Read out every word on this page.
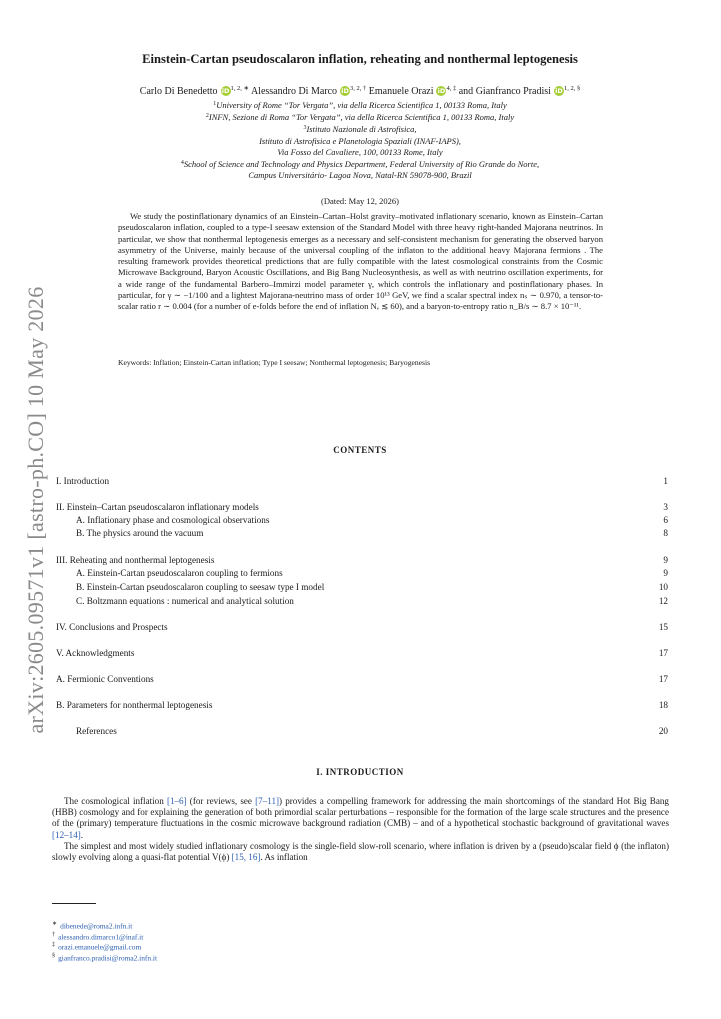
arXiv:2605.09571v1 [astro-ph.CO] 10 May 2026
Einstein-Cartan pseudoscalaron inflation, reheating and nonthermal leptogenesis
Carlo Di Benedetto $iD^{1, 2, ∗}$ Alessandro Di Marco $iD^{3, 2, \dagger}$ Emanuele Orazi $iD^{4, \ddagger}$ and Gianfranco Pradisi $iD^{1, 2, \S}$
$^1$University of Rome “Tor Vergata”, via della Ricerca Scientifica 1, 00133 Roma, Italy
$^2$INFN, Sezione di Roma “Tor Vergata”, via della Ricerca Scientifica 1, 00133 Roma, Italy
$^3$Istituto Nazionale di Astrofisica,
Istituto di Astrofisica e Planetologia Spaziali (INAF-IAPS),
Via Fosso del Cavaliere, 100, 00133 Rome, Italy
$^4$School of Science and Technology and Physics Department, Federal University of Rio Grande do Norte,
Campus Universitário- Lagoa Nova, Natal-RN 59078-900, Brazil
(Dated: May 12, 2026)
We study the postinflationary dynamics of an Einstein–Cartan–Holst gravity–motivated inflationary scenario, known as Einstein–Cartan pseudoscalaron inflation, coupled to a type-I seesaw extension of the Standard Model with three heavy right-handed Majorana neutrinos. In particular, we show that nonthermal leptogenesis emerges as a necessary and self-consistent mechanism for generating the observed baryon asymmetry of the Universe, mainly because of the universal coupling of the inflaton to the additional heavy Majorana fermions . The resulting framework provides theoretical predictions that are fully compatible with the latest cosmological constraints from the Cosmic Microwave Background, Baryon Acoustic Oscillations, and Big Bang Nucleosynthesis, as well as with neutrino oscillation experiments, for a wide range of the fundamental Barbero–Immirzi model parameter γ, which controls the inflationary and postinflationary phases. In particular, for γ ∼ −1/100 and a lightest Majorana-neutrino mass of order 10¹³ GeV, we find a scalar spectral index nₛ ∼ 0.970, a tensor-to-scalar ratio r ∼ 0.004 (for a number of e-folds before the end of inflation Nₑ ≲ 60), and a baryon-to-entropy ratio n_B/s ∼ 8.7 × 10⁻¹¹.
Keywords: Inflation; Einstein-Cartan inflation; Type I seesaw; Nonthermal leptogenesis; Baryogenesis
CONTENTS
I. Introduction	1
II. Einstein–Cartan pseudoscalaron inflationary models	3
A. Inflationary phase and cosmological observations	6
B. The physics around the vacuum	8
III. Reheating and nonthermal leptogenesis	9
A. Einstein-Cartan pseudoscalaron coupling to fermions	9
B. Einstein-Cartan pseudoscalaron coupling to seesaw type I model	10
C. Boltzmann equations : numerical and analytical solution	12
IV. Conclusions and Prospects	15
V. Acknowledgments	17
A. Fermionic Conventions	17
B. Parameters for nonthermal leptogenesis	18
References	20
I. INTRODUCTION

The cosmological inflation [1–6] (for reviews, see [7–11]) provides a compelling framework for addressing the main shortcomings of the standard Hot Big Bang (HBB) cosmology and for explaining the generation of both primordial scalar perturbations – responsible for the formation of the large scale structures and the presence of the (primary) temperature fluctuations in the cosmic microwave background radiation (CMB) – and of a hypothetical stochastic background of gravitational waves [12–14].

The simplest and most widely studied inflationary cosmology is the single-field slow-roll scenario, where inflation is driven by a (pseudo)scalar field ϕ (the inflaton) slowly evolving along a quasi-flat potential V(ϕ) [15, 16]. As inflation

∗ dibenede@roma2.infn.it
† alessandro.dimarco1@inaf.it
‡ orazi.emanuele@gmail.com
§ gianfranco.pradisi@roma2.infn.it
